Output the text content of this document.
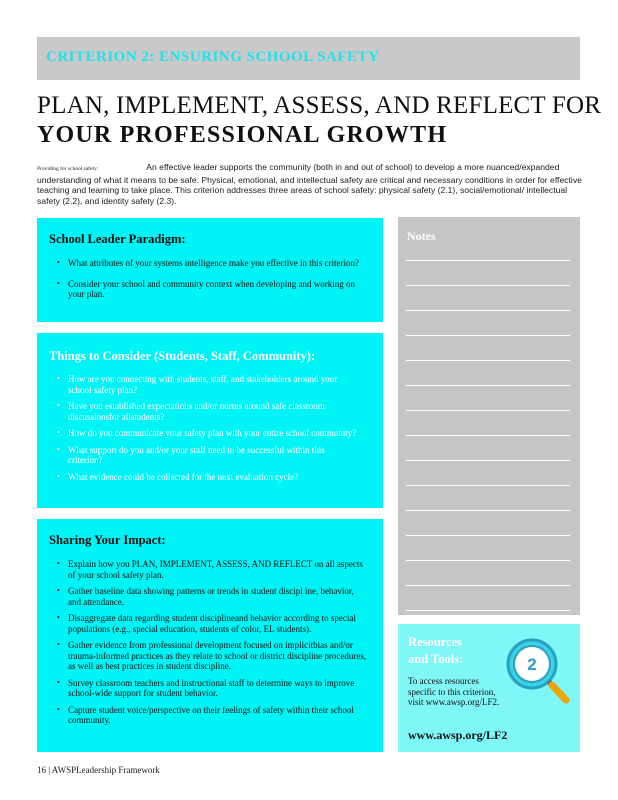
CRITERION 2: ENSURING SCHOOL SAFETY
PLAN, IMPLEMENT, ASSESS, AND REFLECT FOR
YOUR PROFESSIONAL GROWTH
Providing for school safety:	An effective leader supports the community (both in and out of school) to develop a more nuanced/expanded understanding of what it means to be safe. Physical, emotional, and intellectual safety are critical and necessary conditions in order for effective teaching and learning to take place. This criterion addresses three areas of school safety: physical safety (2.1), social/emotional/ intellectual safety (2.2), and identity safety (2.3).
School Leader Paradigm:
• What attributes of your systems intelligence make you effective in this criterion?
• Consider your school and community context when developing and working on your plan.
Things to Consider (Students, Staff, Community):
• How are you connecting with students, staff, and stakeholders around your school safety plan?
• Have you established expectations and/or norms around safe classroom discussionsfor allstudents?
• How do you communicate your safety plan with your entire school community?
• What support do you and/or your staff need to be successful within this criterion?
• What evidence could be collected for the next evaluation cycle?
Sharing Your Impact:
• Explain how you PLAN, IMPLEMENT, ASSESS, AND REFLECT on all aspects of your school safety plan.
• Gather baseline data showing patterns or trends in student discipl ine, behavior, and attendance.
• Disaggregate data regarding student disciplineand behavior according to special populations (e.g., special education, students of color, EL students).
• Gather evidence from professional development focused on implicitbias and/or trauma-informed practices as they relate to school or district discipline procedures, as well as best practices in student discipline.
• Survey classroom teachers and instructional staff to determine ways to improve school-wide support for student behavior.
• Capture student voice/perspective on their feelings of safety within their school community.
Notes
Resources
and Tools:
To access resources specific to this criterion, visit www.awsp.org/LF2.
www.awsp.org/LF2
2
16 | AWSPLeadership Framework
